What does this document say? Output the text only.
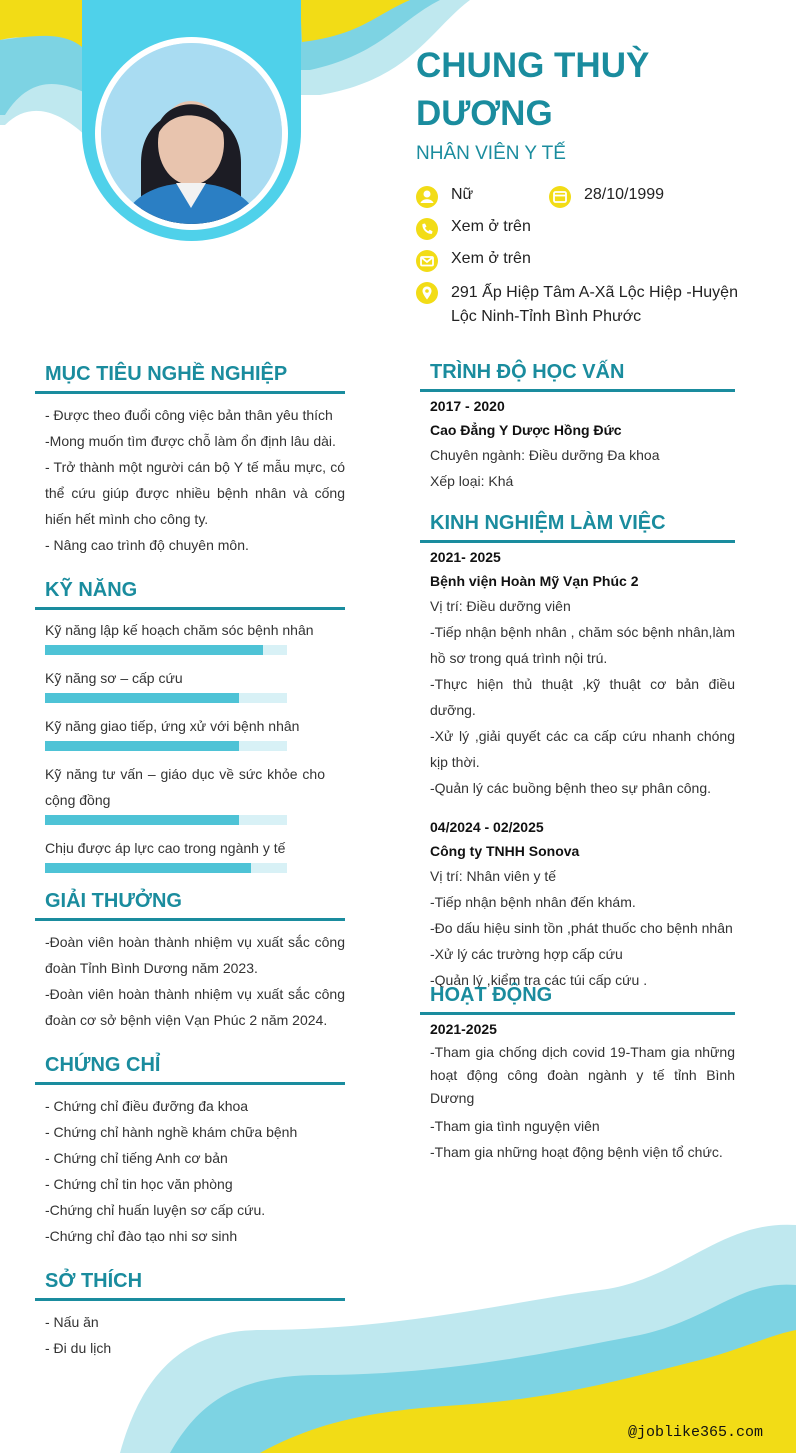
CHUNG THUỲ DƯƠNG
NHÂN VIÊN Y TẾ
Nữ	28/10/1999
Xem ở trên
Xem ở trên
291 Ấp Hiệp Tâm A-Xã Lộc Hiệp -Huyện Lộc Ninh-Tỉnh Bình Phước
MỤC TIÊU NGHỀ NGHIỆP
- Được theo đuổi công việc bản thân yêu thích
-Mong muốn tìm được chỗ làm ổn định lâu dài.
- Trở thành một người cán bộ Y tế mẫu mực, có thể cứu giúp được nhiều bệnh nhân và cống hiến hết mình cho công ty.
- Nâng cao trình độ chuyên môn.
KỸ NĂNG
Kỹ năng lập kế hoạch chăm sóc bệnh nhân
Kỹ năng sơ – cấp cứu
Kỹ năng giao tiếp, ứng xử với bệnh nhân
Kỹ năng tư vấn – giáo dục về sức khỏe cho cộng đồng
Chịu được áp lực cao trong ngành y tế
GIẢI THƯỞNG
-Đoàn viên hoàn thành nhiệm vụ xuất sắc công đoàn Tỉnh Bình Dương năm 2023.
-Đoàn viên hoàn thành nhiệm vụ xuất sắc công đoàn cơ sở bệnh viện Vạn Phúc 2 năm 2024.
CHỨNG CHỈ
- Chứng chỉ điều đưỡng đa khoa
- Chứng chỉ hành nghề khám chữa bệnh
- Chứng chỉ tiếng Anh cơ bản
- Chứng chỉ tin học văn phòng
-Chứng chỉ huấn luyện sơ cấp cứu.
-Chứng chỉ đào tạo nhi sơ sinh
SỞ THÍCH
- Nấu ăn
- Đi du lịch
TRÌNH ĐỘ HỌC VẤN
2017 - 2020
Cao Đẳng Y Dược Hồng Đức
Chuyên ngành: Điều dưỡng Đa khoa
Xếp loại: Khá
KINH NGHIỆM LÀM VIỆC
2021- 2025
Bệnh viện Hoàn Mỹ Vạn Phúc 2
Vị trí: Điều dưỡng viên
-Tiếp nhận bệnh nhân , chăm sóc bệnh nhân,làm hồ sơ trong quá trình nội trú.
-Thực hiện thủ thuật ,kỹ thuật cơ bản điều dưỡng.
-Xử lý ,giải quyết các ca cấp cứu nhanh chóng kịp thời.
-Quản lý các buồng bệnh theo sự phân công.
04/2024 - 02/2025
Công ty TNHH Sonova
Vị trí: Nhân viên y tế
-Tiếp nhận bệnh nhân đến khám.
-Đo dấu hiệu sinh tồn ,phát thuốc cho bệnh nhân
-Xử lý các trường hợp cấp cứu
-Quản lý ,kiểm tra các túi cấp cứu .
HOẠT ĐỘNG
2021-2025
-Tham gia chống dịch covid 19-Tham gia những hoạt động công đoàn ngành y tế tỉnh Bình Dương
-Tham gia tình nguyện viên
-Tham gia những hoạt động bệnh viện tổ chức.
@joblike365.com
